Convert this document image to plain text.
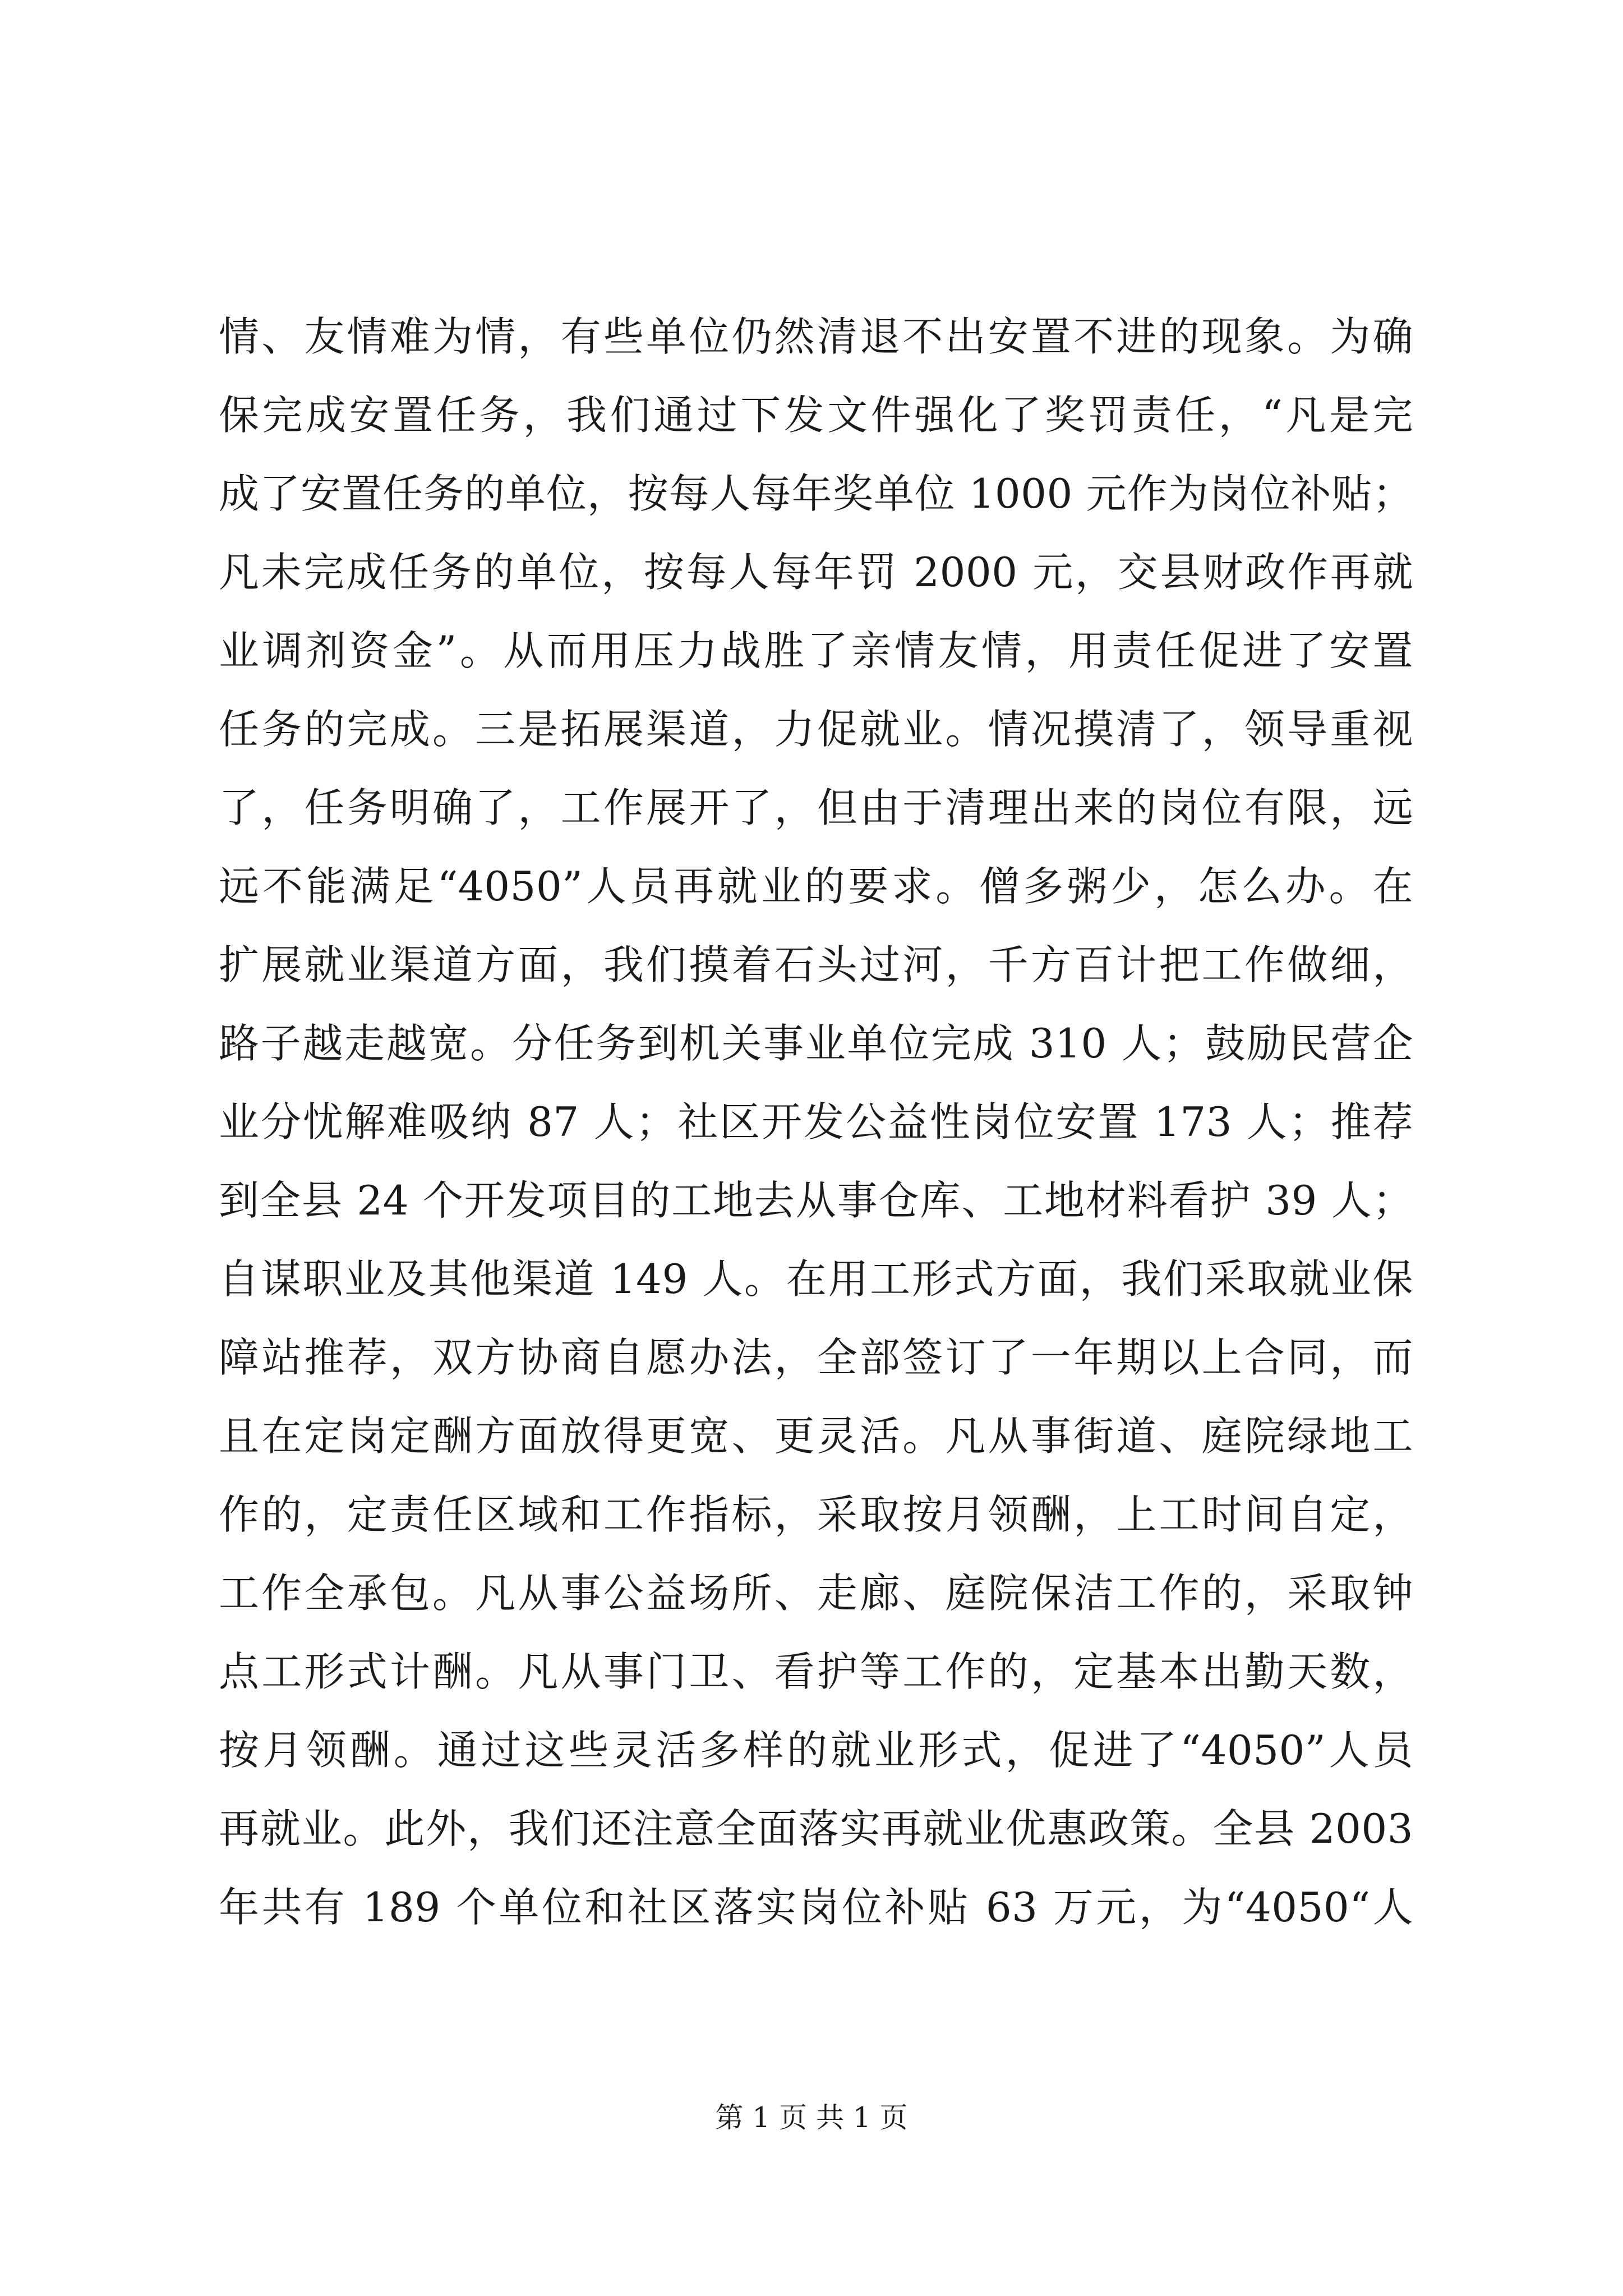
情、友情难为情，有些单位仍然清退不出安置不进的现象。为确
保完成安置任务，我们通过下发文件强化了奖罚责任，“凡是完
成了安置任务的单位，按每人每年奖单位 1000 元作为岗位补贴；
凡未完成任务的单位，按每人每年罚 2000 元，交县财政作再就
业调剂资金”。从而用压力战胜了亲情友情，用责任促进了安置
任务的完成。三是拓展渠道，力促就业。情况摸清了，领导重视
了，任务明确了，工作展开了，但由于清理出来的岗位有限，远
远不能满足“4050”人员再就业的要求。僧多粥少，怎么办。在
扩展就业渠道方面，我们摸着石头过河，千方百计把工作做细，
路子越走越宽。分任务到机关事业单位完成 310 人；鼓励民营企
业分忧解难吸纳 87 人；社区开发公益性岗位安置 173 人；推荐
到全县 24 个开发项目的工地去从事仓库、工地材料看护 39 人；
自谋职业及其他渠道 149 人。在用工形式方面，我们采取就业保
障站推荐，双方协商自愿办法，全部签订了一年期以上合同，而
且在定岗定酬方面放得更宽、更灵活。凡从事街道、庭院绿地工
作的，定责任区域和工作指标，采取按月领酬，上工时间自定，
工作全承包。凡从事公益场所、走廊、庭院保洁工作的，采取钟
点工形式计酬。凡从事门卫、看护等工作的，定基本出勤天数，
按月领酬。通过这些灵活多样的就业形式，促进了“4050”人员
再就业。此外，我们还注意全面落实再就业优惠政策。全县 2003
年共有 189 个单位和社区落实岗位补贴 63 万元，为“4050“人
第 1 页 共 1 页
